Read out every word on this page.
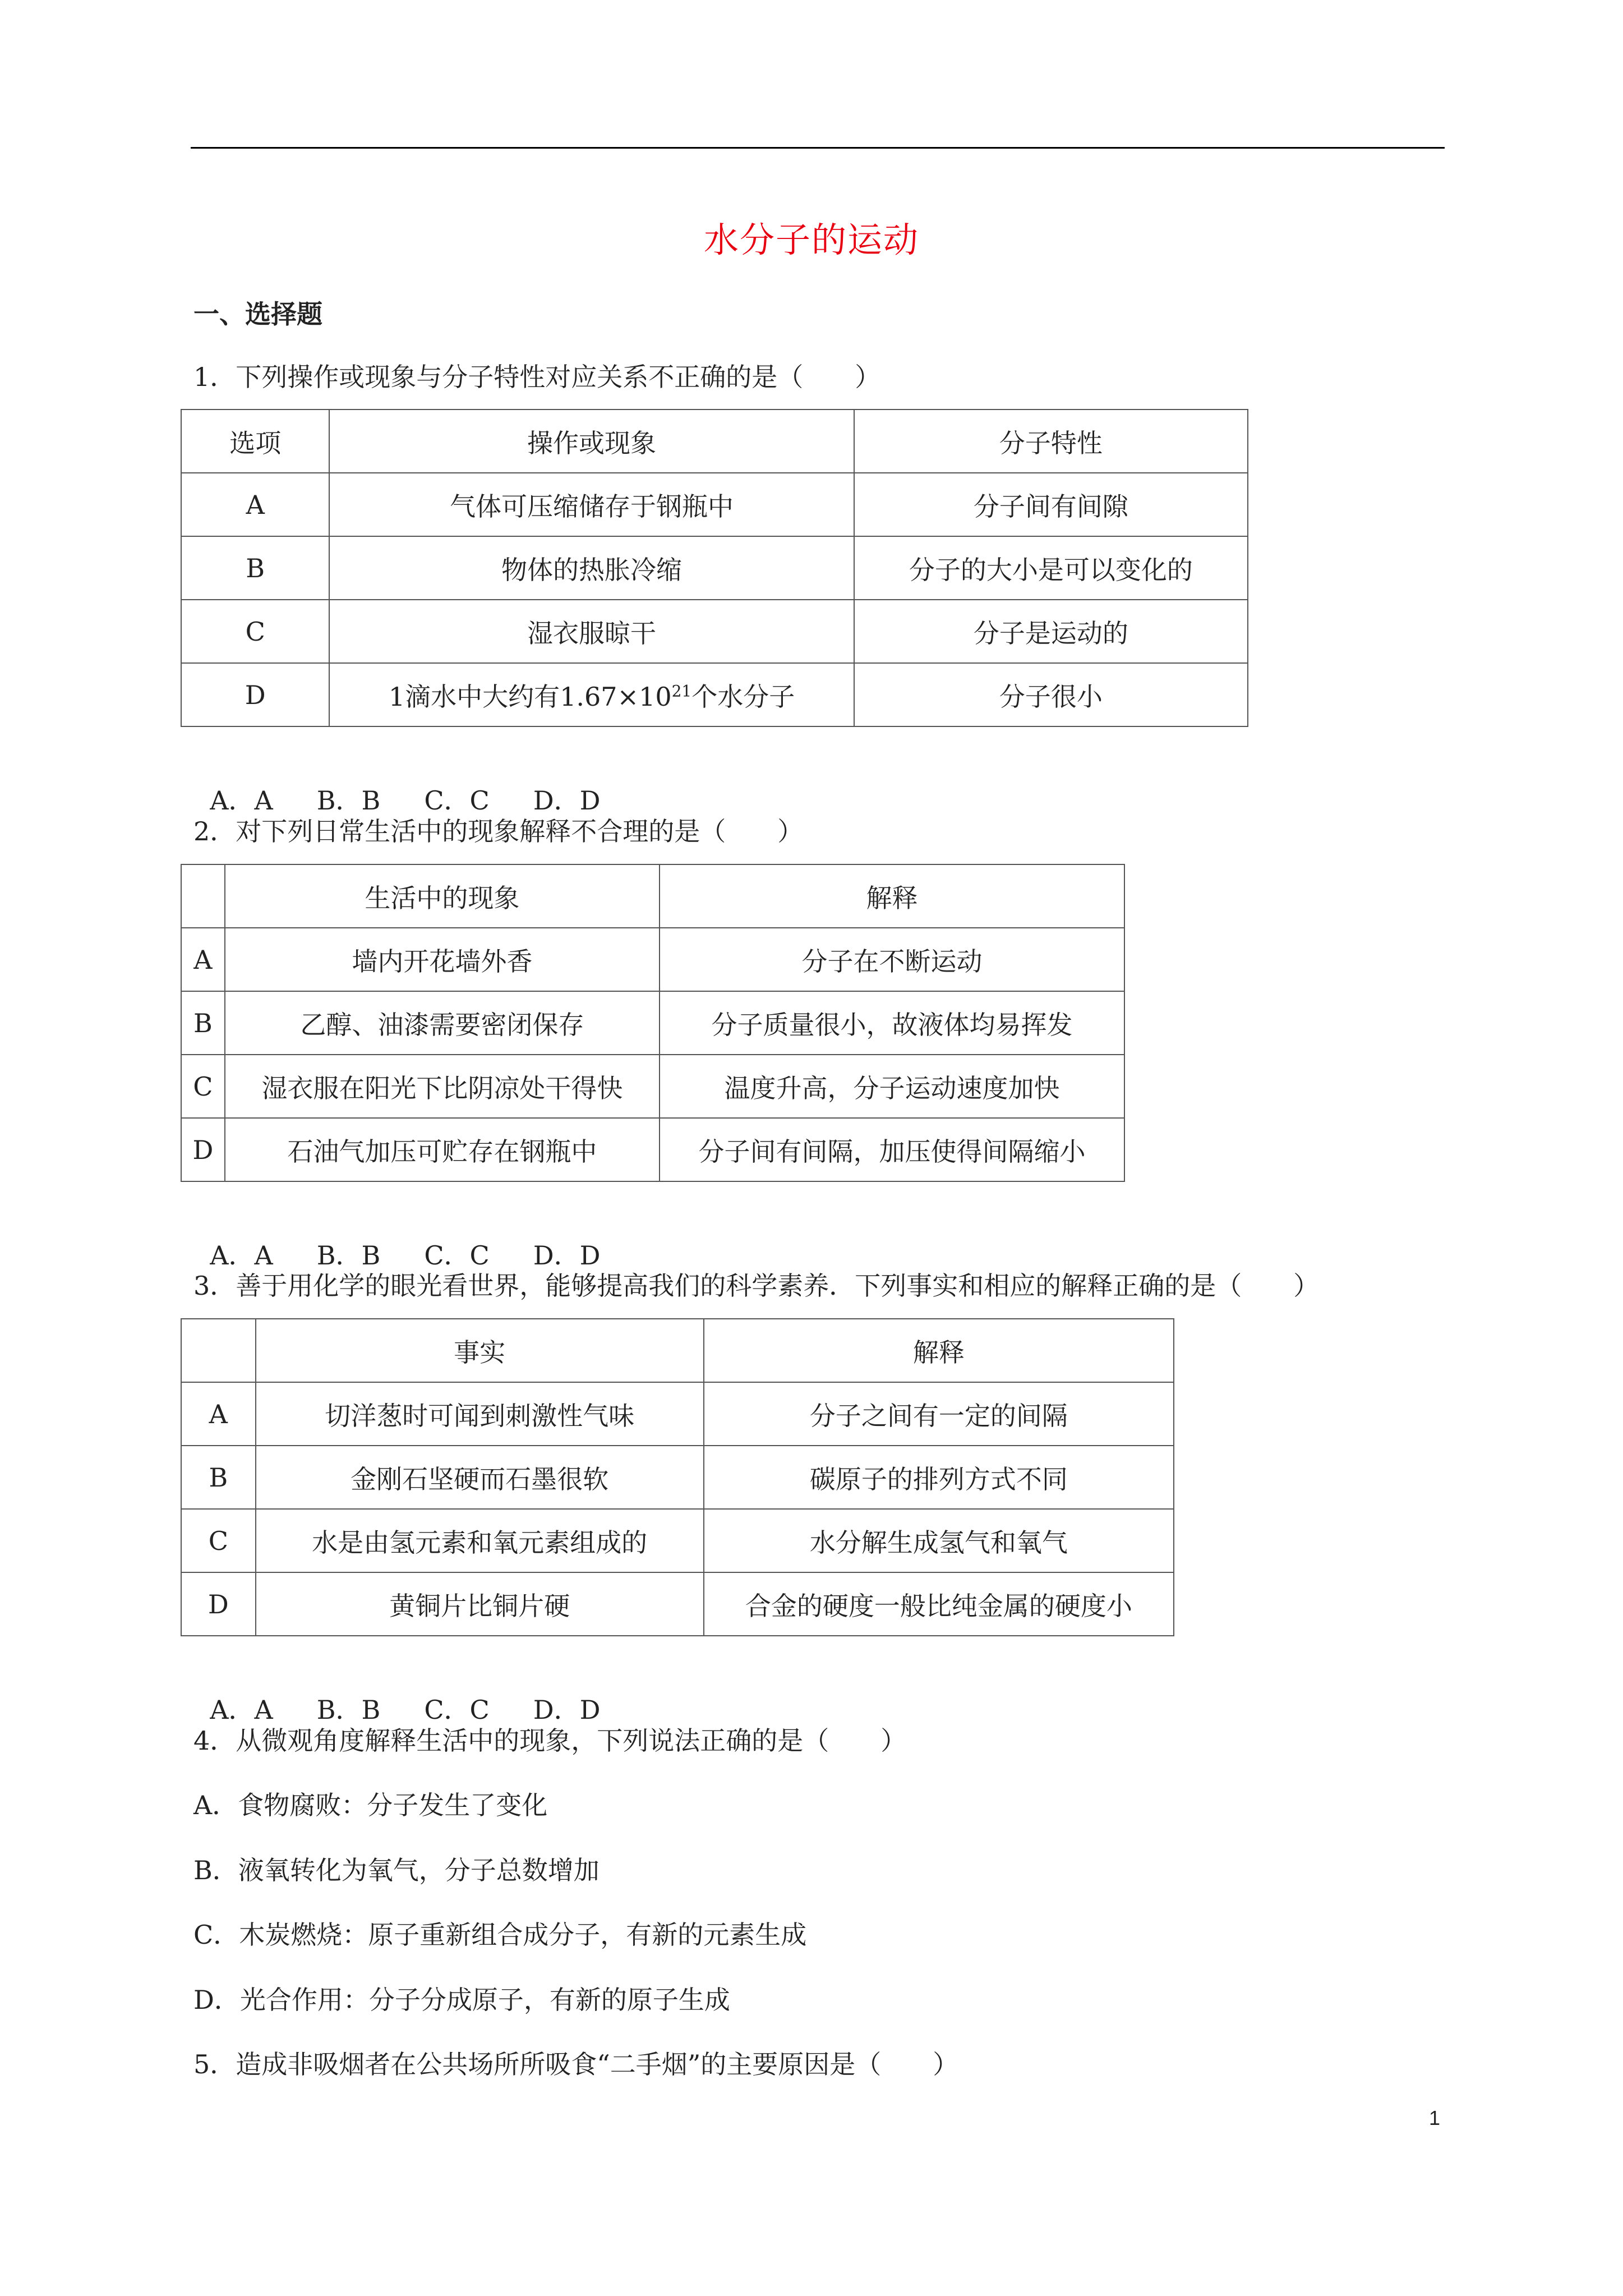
水分子的运动
一、选择题
1．下列操作或现象与分子特性对应关系不正确的是（　　）
选项	操作或现象	分子特性
A	气体可压缩储存于钢瓶中	分子间有间隙
B	物体的热胀冷缩	分子的大小是可以变化的
C	湿衣服晾干	分子是运动的
D	1滴水中大约有$1.67\times 10^{21}$个水分子	分子很小

A．A B．B C．C D．D

2．对下列日常生活中的现象解释不合理的是（　　）
	生活中的现象	解释
A	墙内开花墙外香	分子在不断运动
B	乙醇、油漆需要密闭保存	分子质量很小，故液体均易挥发
C	湿衣服在阳光下比阴凉处干得快	温度升高，分子运动速度加快
D	石油气加压可贮存在钢瓶中	分子间有间隔，加压使得间隔缩小

A．A B．B C．C D．D

3．善于用化学的眼光看世界，能够提高我们的科学素养．下列事实和相应的解释正确的是（　　）
	事实	解释
A	切洋葱时可闻到刺激性气味	分子之间有一定的间隔
B	金刚石坚硬而石墨很软	碳原子的排列方式不同
C	水是由氢元素和氧元素组成的	水分解生成氢气和氧气
D	黄铜片比铜片硬	合金的硬度一般比纯金属的硬度小

A．A B．B C．C D．D

4．从微观角度解释生活中的现象，下列说法正确的是（　　）
A．食物腐败：分子发生了变化
B．液氧转化为氧气，分子总数增加
C．木炭燃烧：原子重新组合成分子，有新的元素生成
D．光合作用：分子分成原子，有新的原子生成
5．造成非吸烟者在公共场所所吸食“二手烟”的主要原因是（　　）
1
